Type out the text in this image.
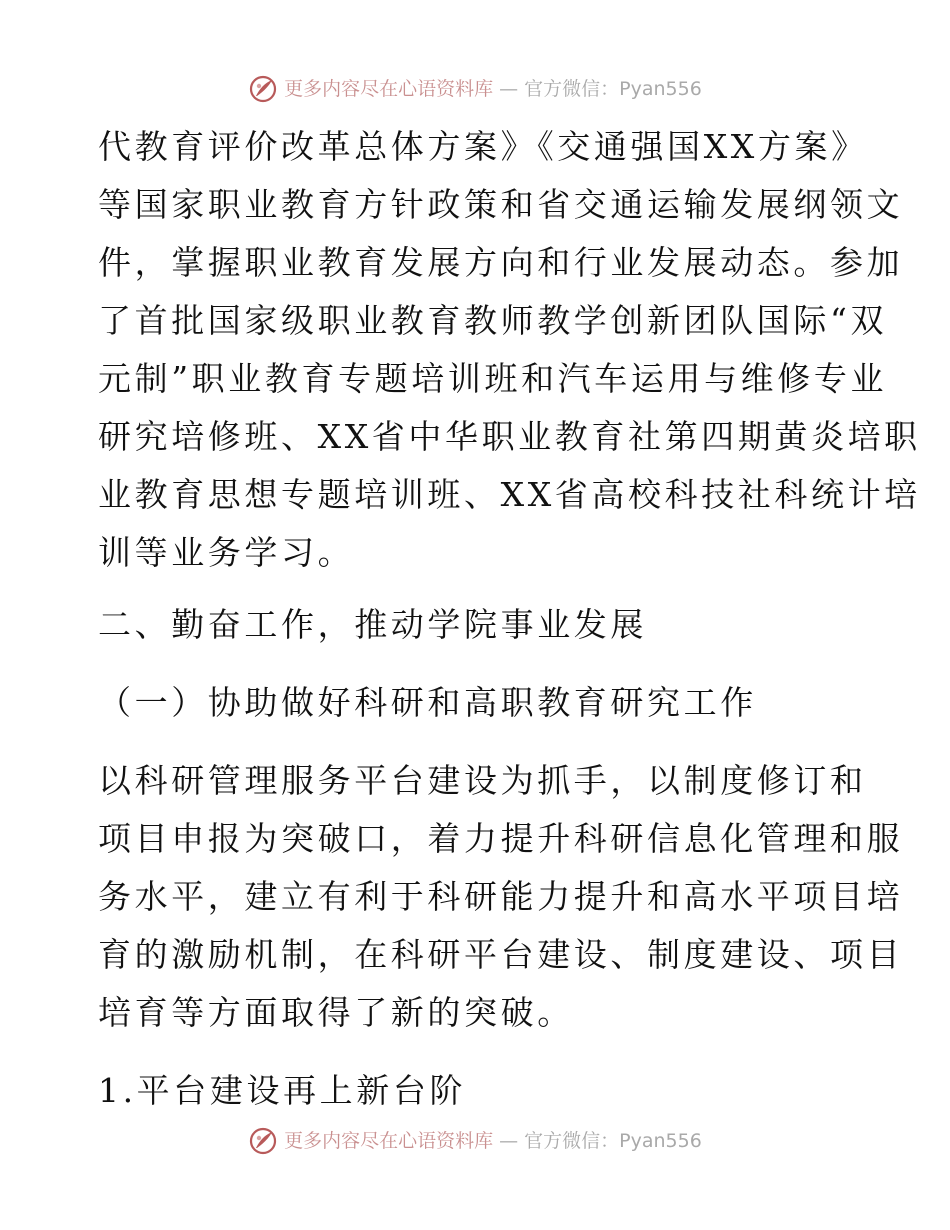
更多内容尽在心语资料库 — 官方微信：Pyan556
代教育评价改革总体方案》《交通强国XX方案》
等国家职业教育方针政策和省交通运输发展纲领文
件，掌握职业教育发展方向和行业发展动态。参加
了首批国家级职业教育教师教学创新团队国际“双
元制”职业教育专题培训班和汽车运用与维修专业
研究培修班、XX省中华职业教育社第四期黄炎培职
业教育思想专题培训班、XX省高校科技社科统计培
训等业务学习。
二、勤奋工作，推动学院事业发展
（一）协助做好科研和高职教育研究工作
以科研管理服务平台建设为抓手，以制度修订和
项目申报为突破口，着力提升科研信息化管理和服
务水平，建立有利于科研能力提升和高水平项目培
育的激励机制，在科研平台建设、制度建设、项目
培育等方面取得了新的突破。
1.平台建设再上新台阶
更多内容尽在心语资料库 — 官方微信：Pyan556
